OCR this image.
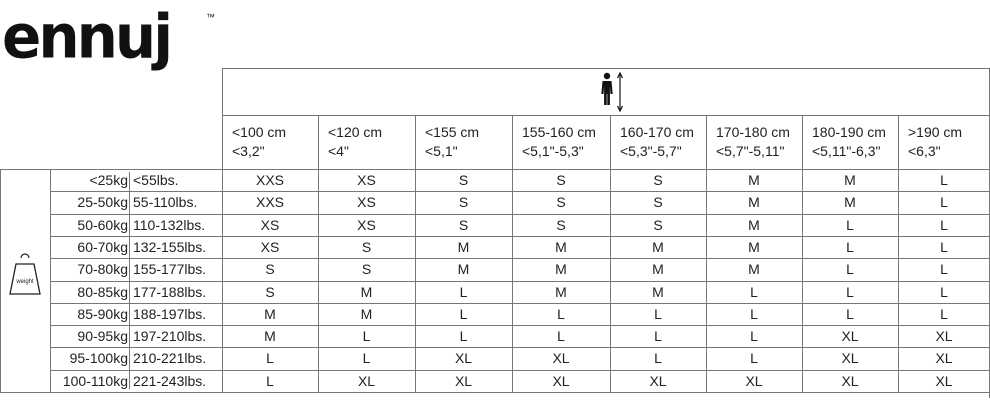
ennuj	™
<100 cm
<3,2"
<120 cm
<4"
<155 cm
<5,1"
155-160 cm
<5,1"-5,3"
160-170 cm
<5,3"-5,7"
170-180 cm
<5,7"-5,11"
180-190 cm
<5,11"-6,3"
>190 cm
<6,3"
<25kg <55lbs.	XXS	XS	S	S	S	M	M	L
25-50kg 55-110lbs.	XXS	XS	S	S	S	M	M	L
50-60kg 110-132lbs.	XS	XS	S	S	S	M	L	L
60-70kg 132-155lbs.	XS	S	M	M	M	M	L	L
70-80kg 155-177lbs.	S	S	M	M	M	M	L	L
80-85kg 177-188lbs.	S	M	L	M	M	L	L	L
85-90kg 188-197lbs.	M	M	L	L	L	L	L	L
90-95kg 197-210lbs.	M	L	L	L	L	L	XL	XL
95-100kg 210-221lbs.	L	L	XL	XL	L	L	XL	XL
100-110kg 221-243lbs.	L	XL	XL	XL	XL	XL	XL	XL
weight
